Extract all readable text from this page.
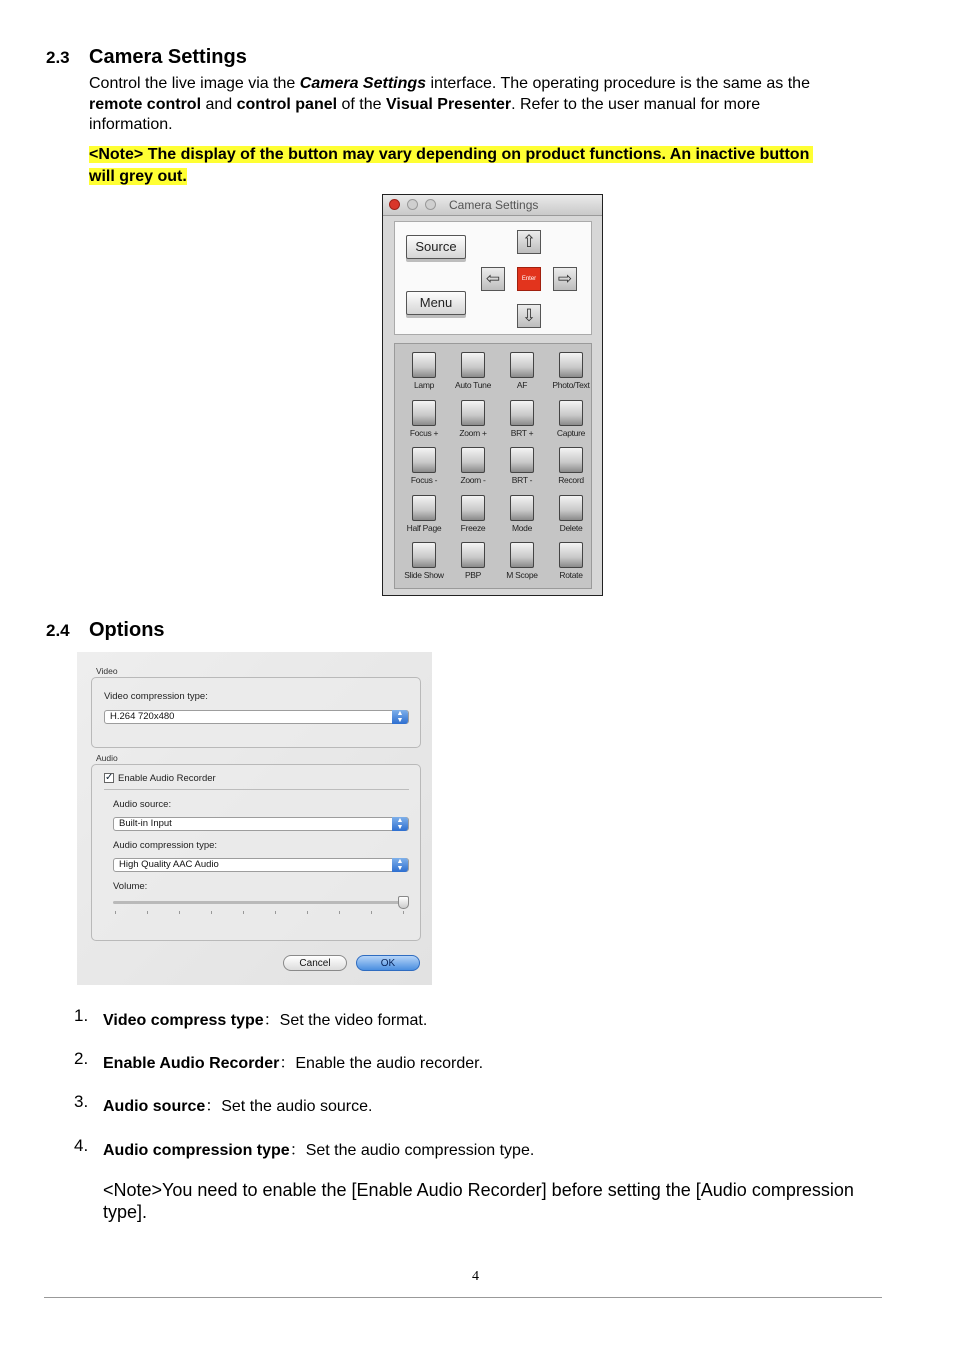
2.3 Camera Settings
Control the live image via the Camera Settings interface. The operating procedure is the same as the
remote control and control panel of the Visual Presenter. Refer to the user manual for more
information.
<Note> The display of the button may vary depending on product functions. An inactive button
will grey out.
Camera Settings
Source
Menu
⇧
⇦	Enter ⇨
⇩
Lamp	Auto Tune	AF	Photo/Text
Focus +	Zoom +	BRT +	Capture
Focus -	Zoom -	BRT -	Record
Half Page	Freeze	Mode	Delete
Slide Show	PBP	M Scope	Rotate
2.4 Options
Video
Video compression type:
H.264 720x480	▲
▼
Audio
✓ Enable Audio Recorder
Audio source:
Built-in Input	▲
▼
Audio compression type:
High Quality AAC Audio	▲
▼
Volume:
Cancel	OK
1. Video compress type：Set the video format.
2. Enable Audio Recorder：Enable the audio recorder.
3. Audio source：Set the audio source.
4. Audio compression type：Set the audio compression type.
<Note>You need to enable the [Enable Audio Recorder] before setting the [Audio compression
type].
4
